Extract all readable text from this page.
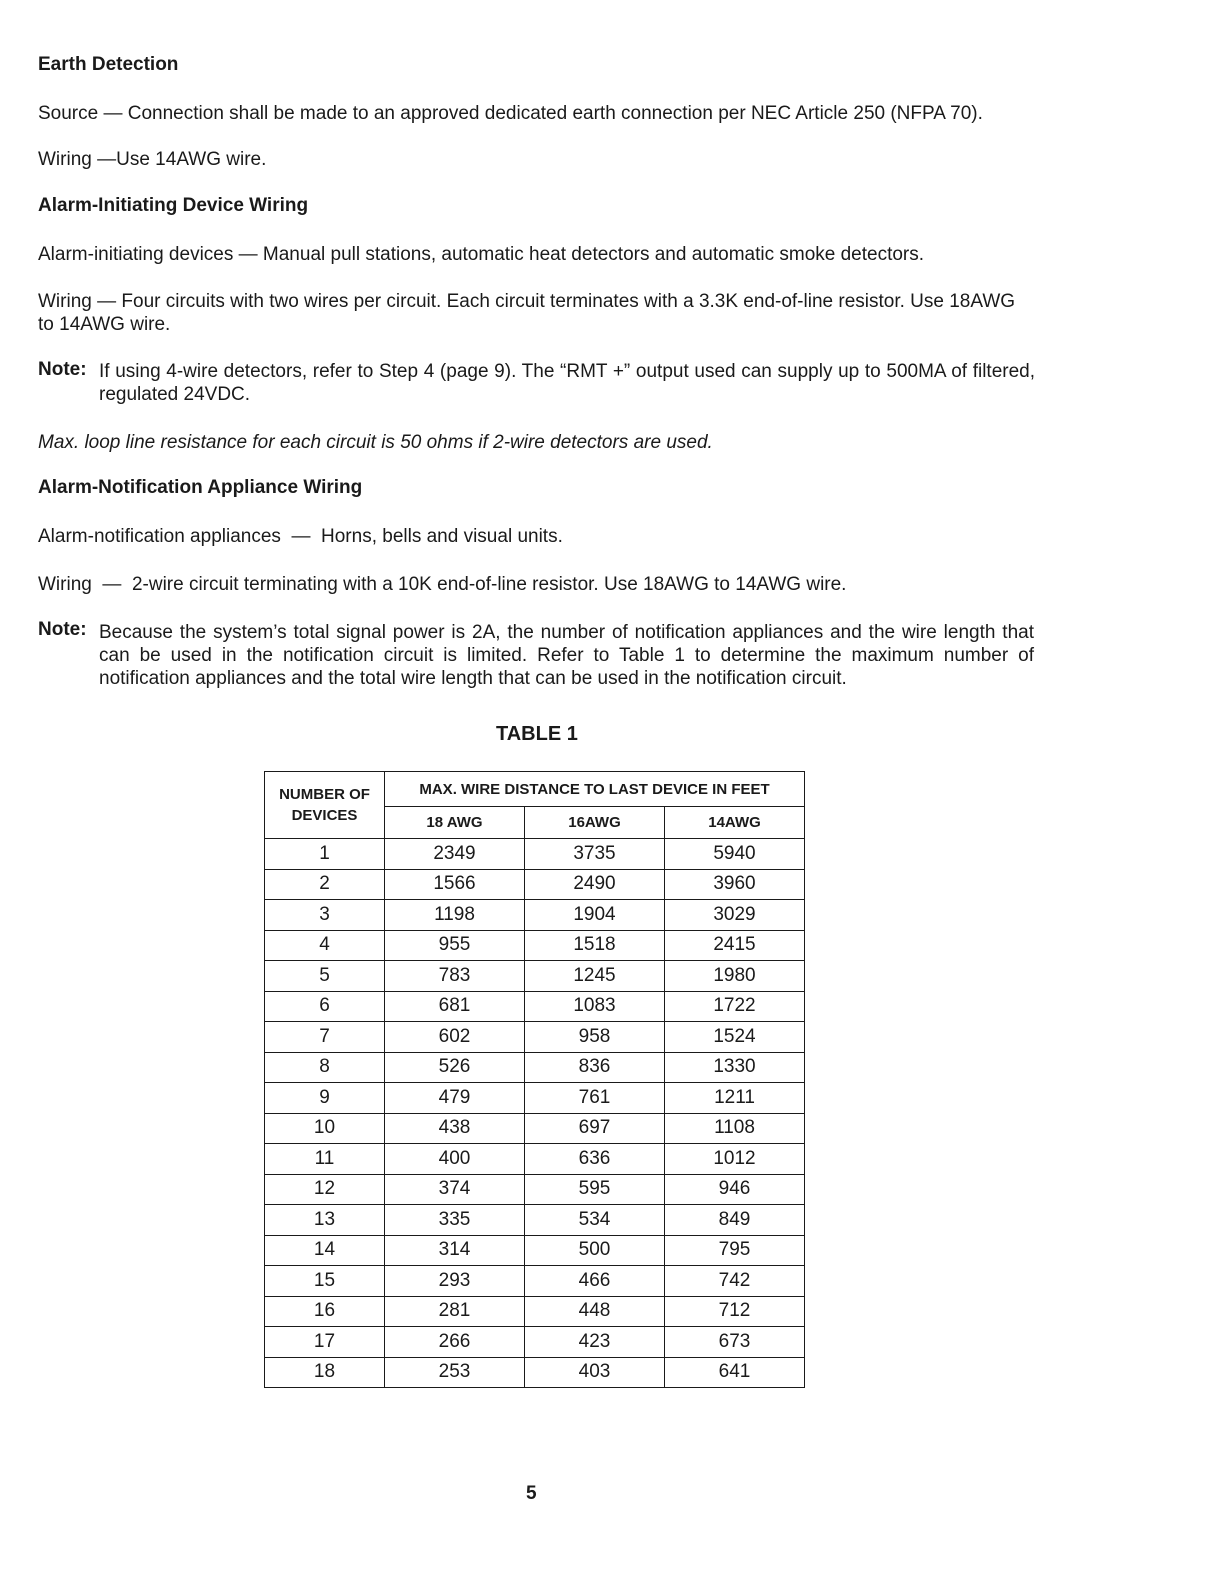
Earth Detection
Source — Connection shall be made to an approved dedicated earth connection per NEC Article 250 (NFPA 70).
Wiring —Use 14AWG wire.
Alarm-Initiating Device Wiring
Alarm-initiating devices — Manual pull stations, automatic heat detectors and automatic smoke detectors.
Wiring — Four circuits with two wires per circuit. Each circuit terminates with a 3.3K end-of-line resistor. Use 18AWG
to 14AWG wire.
Note: If using 4-wire detectors, refer to Step 4 (page 9). The “RMT +” output used can supply up to 500MA of filtered, regulated 24VDC.
Max. loop line resistance for each circuit is 50 ohms if 2-wire detectors are used.
Alarm-Notification Appliance Wiring
Alarm-notification appliances  —  Horns, bells and visual units.
Wiring  —  2-wire circuit terminating with a 10K end-of-line resistor. Use 18AWG to 14AWG wire.
Note: Because the system’s total signal power is 2A, the number of notification appliances and the wire length that can be used in the notification circuit is limited. Refer to Table 1 to determine the maximum number of notification appliances and the total wire length that can be used in the notification circuit.
TABLE 1
NUMBER OF DEVICES	MAX. WIRE DISTANCE TO LAST DEVICE IN FEET		
	18 AWG	16AWG	14AWG
1	2349	3735	5940
2	1566	2490	3960
3	1198	1904	3029
4	955	1518	2415
5	783	1245	1980
6	681	1083	1722
7	602	958	1524
8	526	836	1330
9	479	761	1211
10	438	697	1108
11	400	636	1012
12	374	595	946
13	335	534	849
14	314	500	795
15	293	466	742
16	281	448	712
17	266	423	673
18	253	403	641
5
